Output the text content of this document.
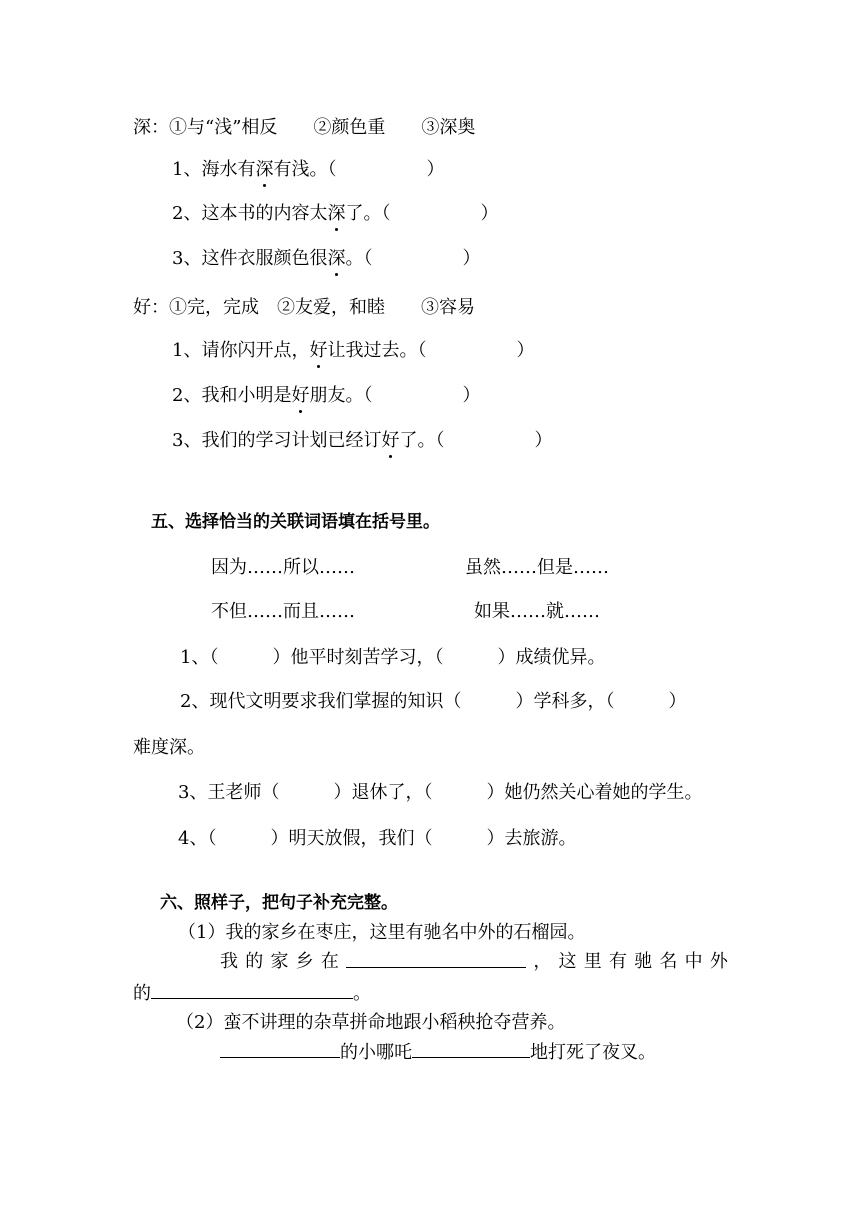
深：①与“浅”相反　　②颜色重　　③深奥
1、海水有深有浅。（　　　　　）
2、这本书的内容太深了。（　　　　　）
3、这件衣服颜色很深。（　　　　　）
好：①完，完成　②友爱，和睦　　③容易
1、请你闪开点，好让我过去。（　　　　　）
2、我和小明是好朋友。（　　　　　）
3、我们的学习计划已经订好了。（　　　　　）
五、选择恰当的关联词语填在括号里。
因为……所以……	虽然……但是……
不但……而且……	如果……就……
1、（　　　）他平时刻苦学习，（　　　）成绩优异。
2、现代文明要求我们掌握的知识（　　　）学科多，（　　　）
难度深。
3、王老师（　　　）退休了，（　　　）她仍然关心着她的学生。
4、（　　　）明天放假，我们（　　　）去旅游。
六、照样子，把句子补充完整。
（1）我的家乡在枣庄，这里有驰名中外的石榴园。
我 的 家 乡 在	， 这 里 有 驰 名 中 外
的	。
（2）蛮不讲理的杂草拼命地跟小稻秧抢夺营养。
的小哪吒	地打死了夜叉。
